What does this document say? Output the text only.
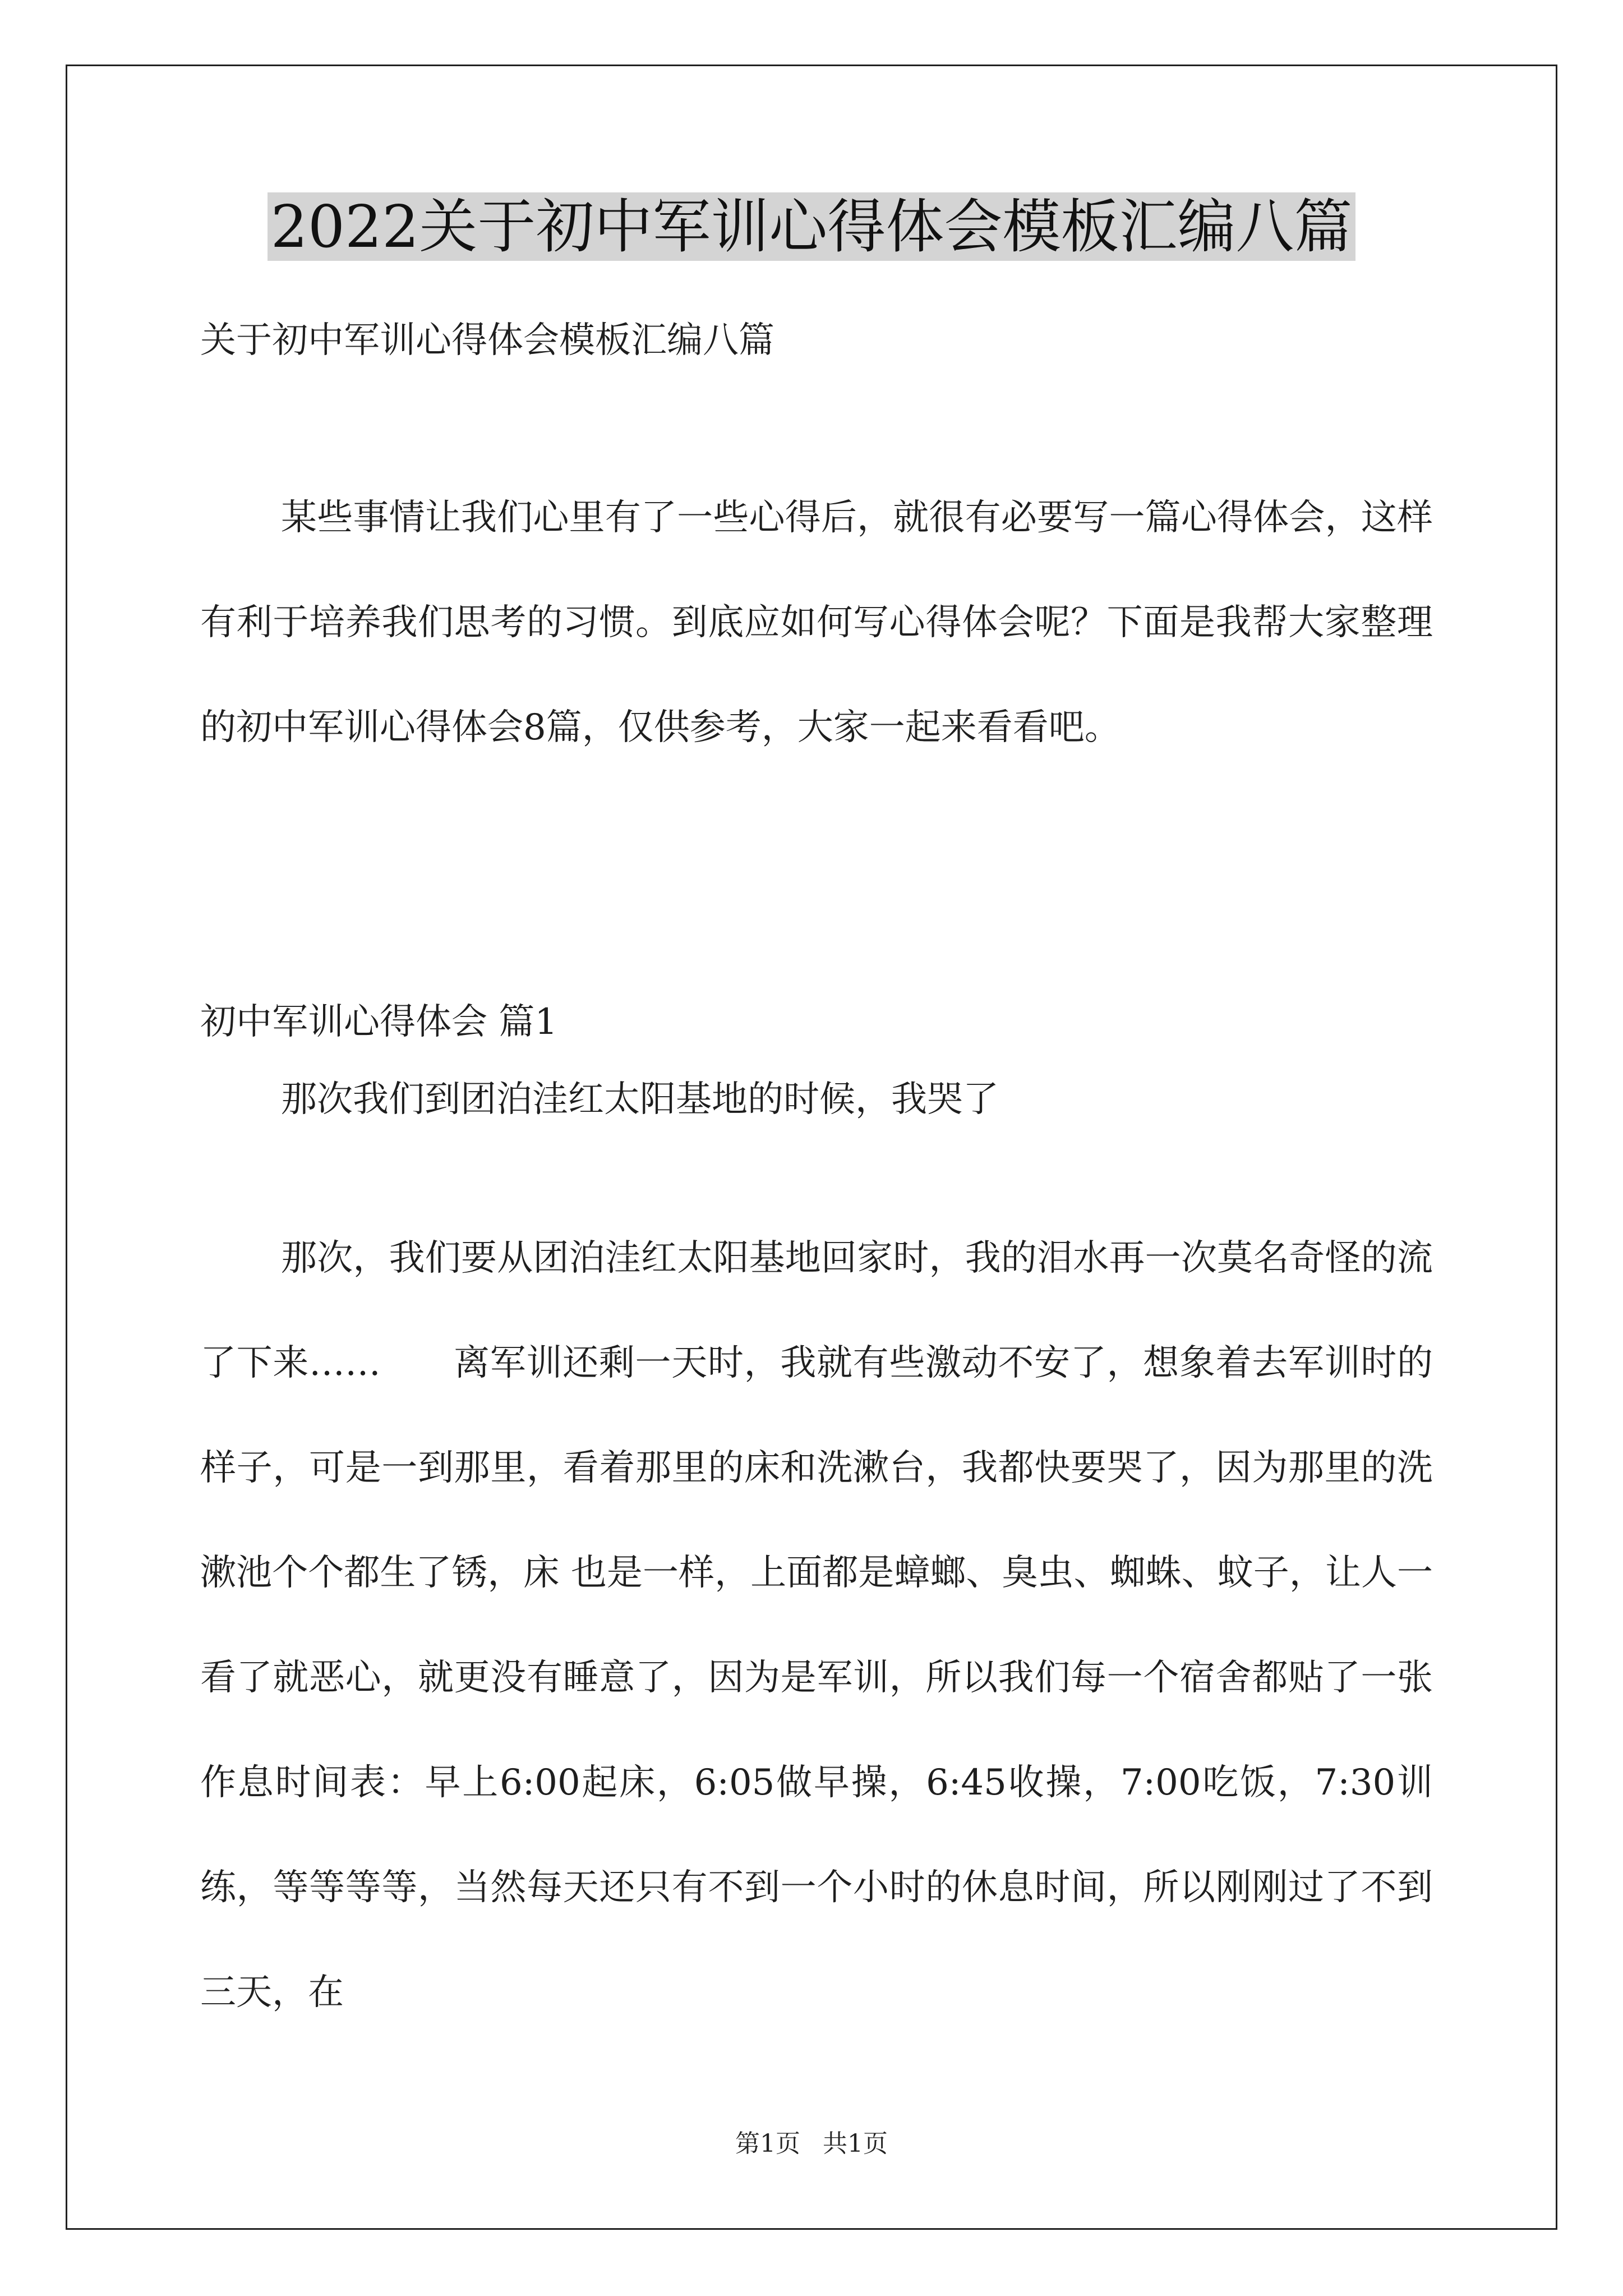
2022关于初中军训心得体会模板汇编八篇
关于初中军训心得体会模板汇编八篇
某些事情让我们心里有了一些心得后，就很有必要写一篇心得体会，这样有利于培养我们思考的习惯。到底应如何写心得体会呢？下面是我帮大家整理的初中军训心得体会8篇，仅供参考，大家一起来看看吧。
初中军训心得体会 篇1
那次我们到团泊洼红太阳基地的时候，我哭了
那次，我们要从团泊洼红太阳基地回家时，我的泪水再一次莫名奇怪的流了下来……　　离军训还剩一天时，我就有些激动不安了，想象着去军训时的样子，可是一到那里，看着那里的床和洗漱台，我都快要哭了，因为那里的洗漱池个个都生了锈，床 也是一样，上面都是蟑螂、臭虫、蜘蛛、蚊子，让人一看了就恶心，就更没有睡意了，因为是军训，所以我们每一个宿舍都贴了一张作息时间表：早上6:00起床，6:05做早操，6:45收操，7:00吃饭，7:30训练，等等等等，当然每天还只有不到一个小时的休息时间，所以刚刚过了不到三天，在
第1页 共1页
